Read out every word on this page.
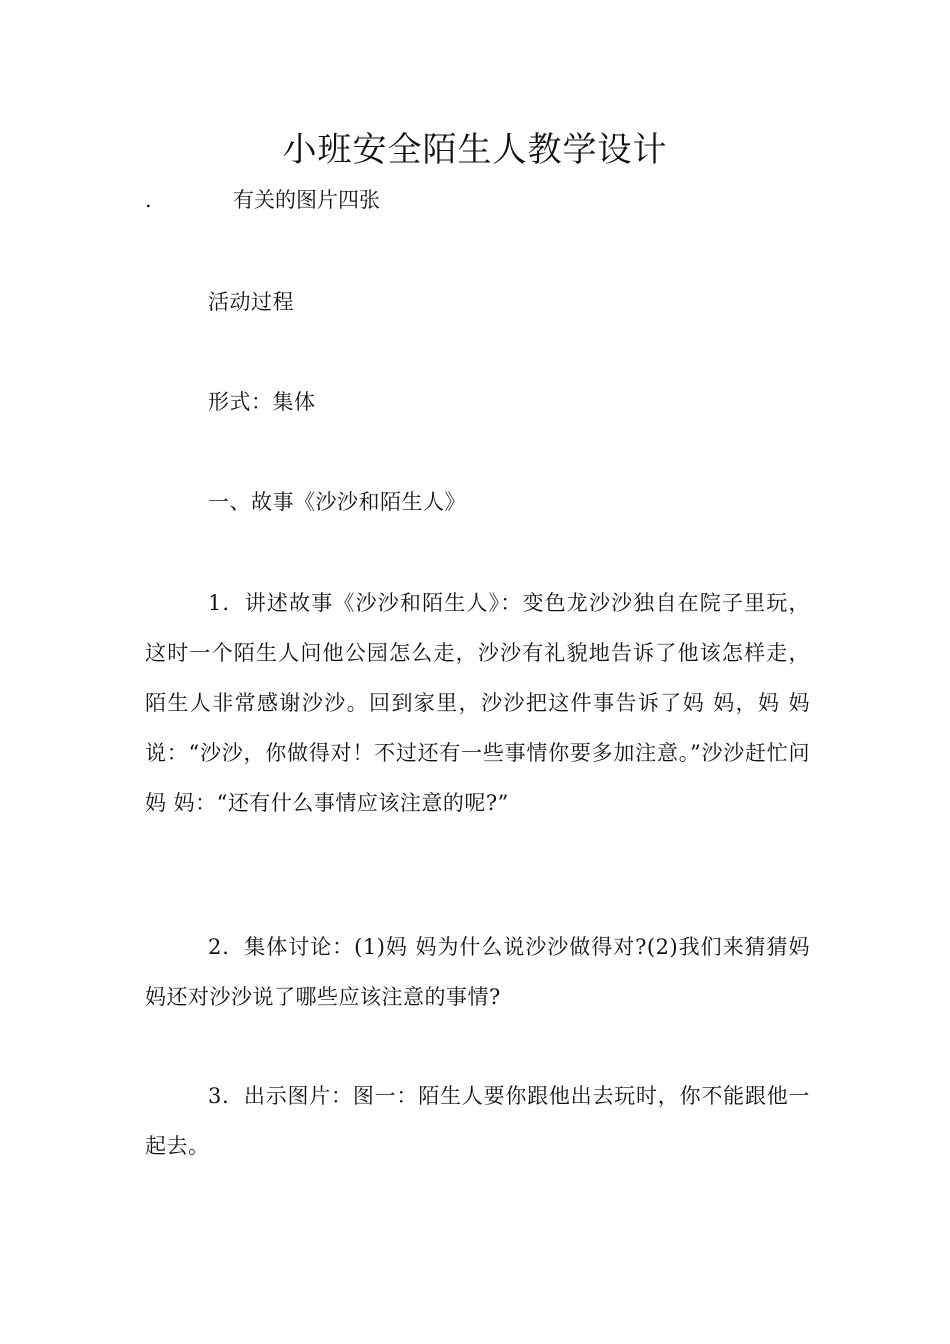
小班安全陌生人教学设计
.	有关的图片四张

活动过程

形式：集体

一、故事《沙沙和陌生人》

1．讲述故事《沙沙和陌生人》：变色龙沙沙独自在院子里玩，这时一个陌生人问他公园怎么走，沙沙有礼貌地告诉了他该怎样走，陌生人非常感谢沙沙。回到家里，沙沙把这件事告诉了妈 妈，妈 妈说：“沙沙，你做得对！不过还有一些事情你要多加注意。”沙沙赶忙问妈 妈：“还有什么事情应该注意的呢?”

2．集体讨论：(1)妈 妈为什么说沙沙做得对?(2)我们来猜猜妈 妈还对沙沙说了哪些应该注意的事情?

3．出示图片：图一：陌生人要你跟他出去玩时，你不能跟他一起去。
